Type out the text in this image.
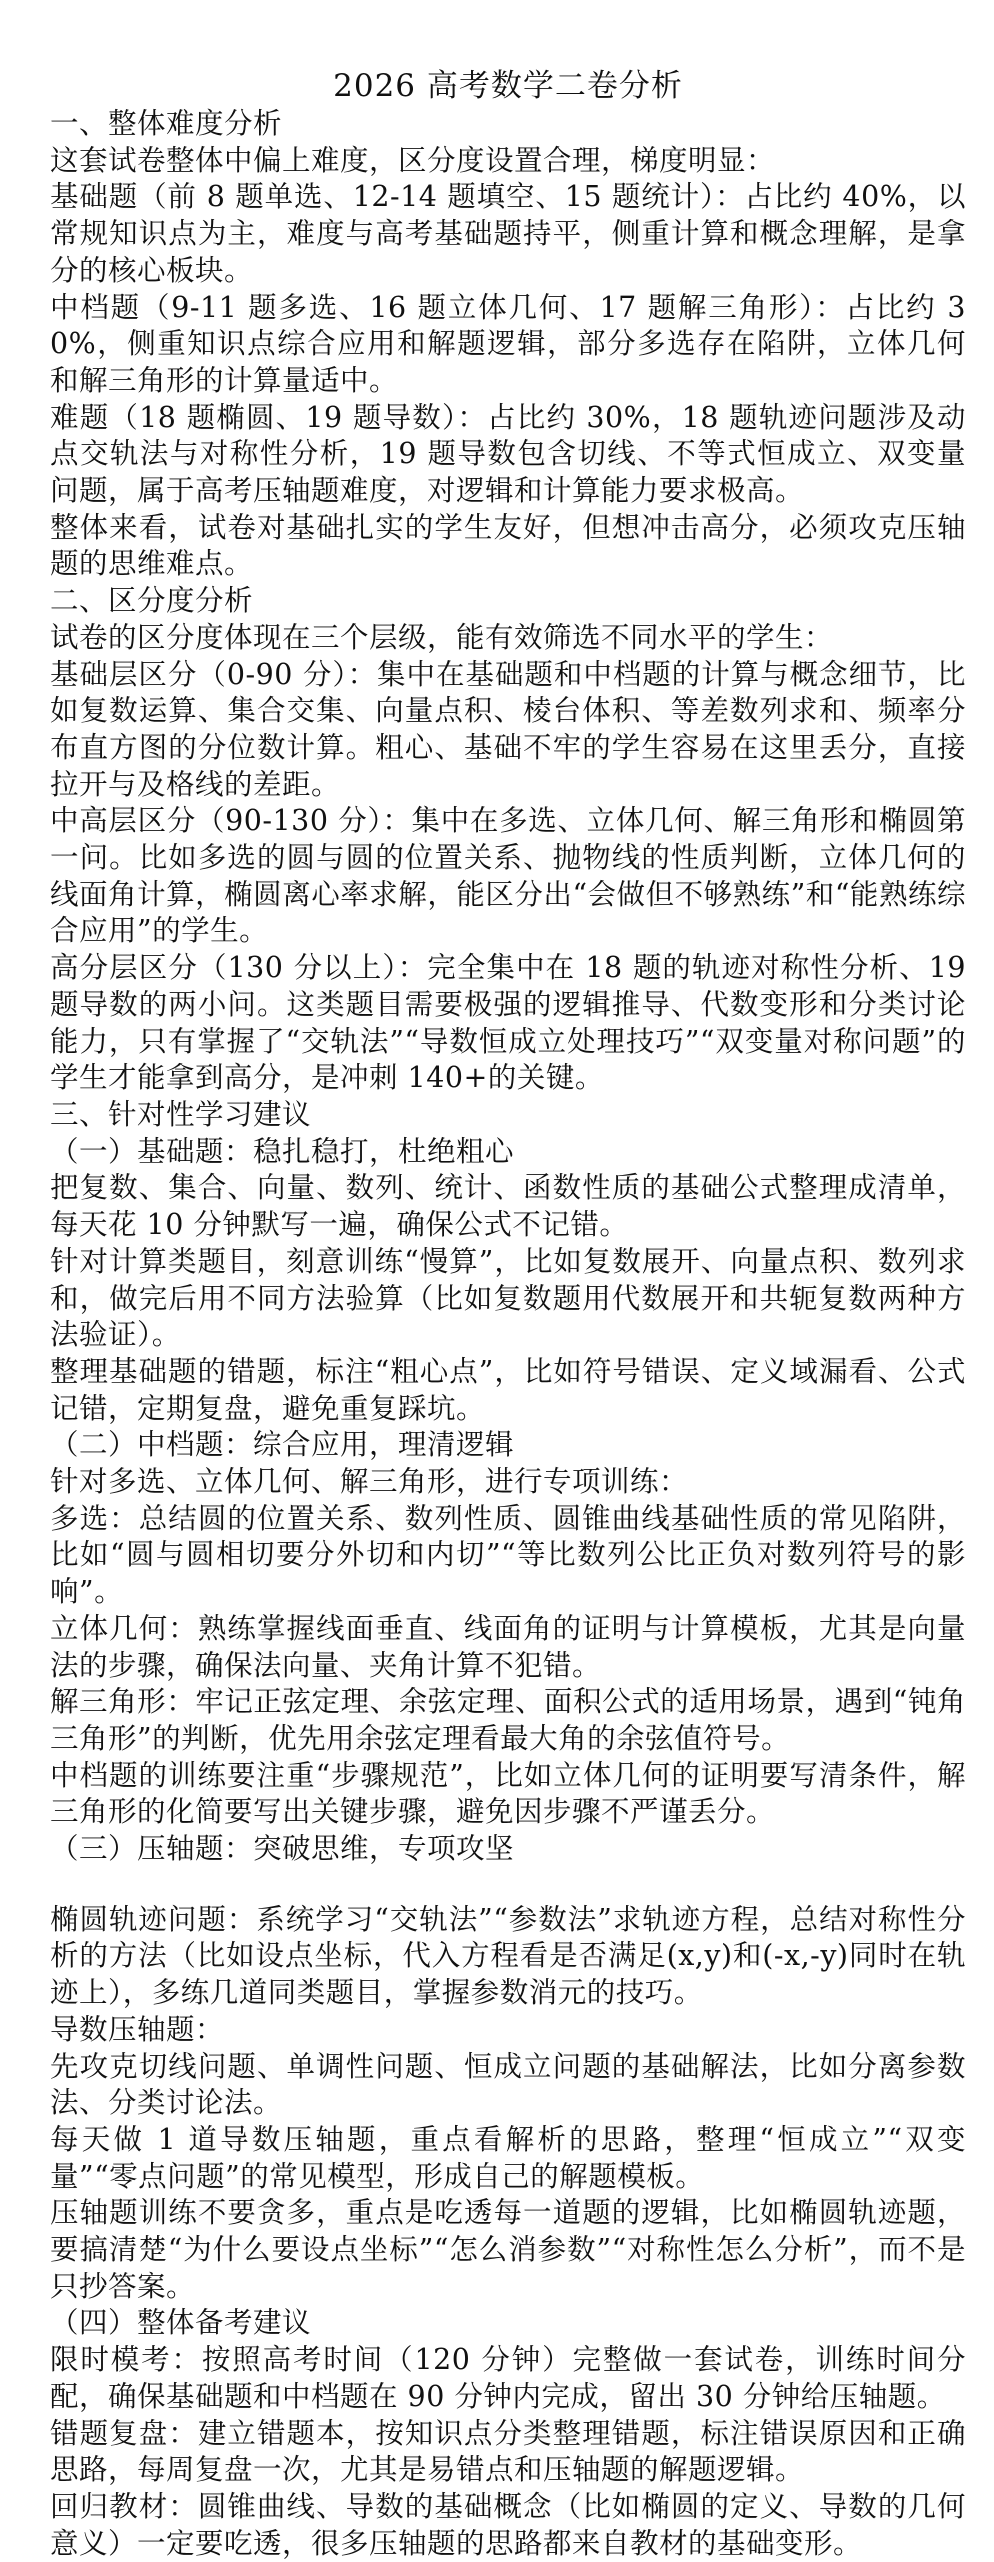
2026 高考数学二卷分析
一、整体难度分析
这套试卷整体中偏上难度，区分度设置合理，梯度明显：
基础题（前 8 题单选、12-14 题填空、15 题统计）：占比约 40%，以常规知识点为主，难度与高考基础题持平，侧重计算和概念理解，是拿分的核心板块。
中档题（9-11 题多选、16 题立体几何、17 题解三角形）：占比约 30%，侧重知识点综合应用和解题逻辑，部分多选存在陷阱，立体几何和解三角形的计算量适中。
难题（18 题椭圆、19 题导数）：占比约 30%，18 题轨迹问题涉及动点交轨法与对称性分析，19 题导数包含切线、不等式恒成立、双变量问题，属于高考压轴题难度，对逻辑和计算能力要求极高。
整体来看，试卷对基础扎实的学生友好，但想冲击高分，必须攻克压轴题的思维难点。
二、区分度分析
试卷的区分度体现在三个层级，能有效筛选不同水平的学生：
基础层区分（0-90 分）：集中在基础题和中档题的计算与概念细节，比如复数运算、集合交集、向量点积、棱台体积、等差数列求和、频率分布直方图的分位数计算。粗心、基础不牢的学生容易在这里丢分，直接拉开与及格线的差距。
中高层区分（90-130 分）：集中在多选、立体几何、解三角形和椭圆第一问。比如多选的圆与圆的位置关系、抛物线的性质判断，立体几何的线面角计算，椭圆离心率求解，能区分出“会做但不够熟练”和“能熟练综合应用”的学生。
高分层区分（130 分以上）：完全集中在 18 题的轨迹对称性分析、19 题导数的两小问。这类题目需要极强的逻辑推导、代数变形和分类讨论能力，只有掌握了“交轨法”“导数恒成立处理技巧”“双变量对称问题”的学生才能拿到高分，是冲刺 140+的关键。
三、针对性学习建议
（一）基础题：稳扎稳打，杜绝粗心
把复数、集合、向量、数列、统计、函数性质的基础公式整理成清单，每天花 10 分钟默写一遍，确保公式不记错。
针对计算类题目，刻意训练“慢算”，比如复数展开、向量点积、数列求和，做完后用不同方法验算（比如复数题用代数展开和共轭复数两种方法验证）。
整理基础题的错题，标注“粗心点”，比如符号错误、定义域漏看、公式记错，定期复盘，避免重复踩坑。
（二）中档题：综合应用，理清逻辑
针对多选、立体几何、解三角形，进行专项训练：
多选：总结圆的位置关系、数列性质、圆锥曲线基础性质的常见陷阱，比如“圆与圆相切要分外切和内切”“等比数列公比正负对数列符号的影响”。
立体几何：熟练掌握线面垂直、线面角的证明与计算模板，尤其是向量法的步骤，确保法向量、夹角计算不犯错。
解三角形：牢记正弦定理、余弦定理、面积公式的适用场景，遇到“钝角三角形”的判断，优先用余弦定理看最大角的余弦值符号。
中档题的训练要注重“步骤规范”，比如立体几何的证明要写清条件，解三角形的化简要写出关键步骤，避免因步骤不严谨丢分。
（三）压轴题：突破思维，专项攻坚
椭圆轨迹问题：系统学习“交轨法”“参数法”求轨迹方程，总结对称性分析的方法（比如设点坐标，代入方程看是否满足(x,y)和(-x,-y)同时在轨迹上），多练几道同类题目，掌握参数消元的技巧。
导数压轴题：
先攻克切线问题、单调性问题、恒成立问题的基础解法，比如分离参数法、分类讨论法。
每天做 1 道导数压轴题，重点看解析的思路，整理“恒成立”“双变量”“零点问题”的常见模型，形成自己的解题模板。
压轴题训练不要贪多，重点是吃透每一道题的逻辑，比如椭圆轨迹题，要搞清楚“为什么要设点坐标”“怎么消参数”“对称性怎么分析”，而不是只抄答案。
（四）整体备考建议
限时模考：按照高考时间（120 分钟）完整做一套试卷，训练时间分配，确保基础题和中档题在 90 分钟内完成，留出 30 分钟给压轴题。
错题复盘：建立错题本，按知识点分类整理错题，标注错误原因和正确思路，每周复盘一次，尤其是易错点和压轴题的解题逻辑。
回归教材：圆锥曲线、导数的基础概念（比如椭圆的定义、导数的几何意义）一定要吃透，很多压轴题的思路都来自教材的基础变形。
